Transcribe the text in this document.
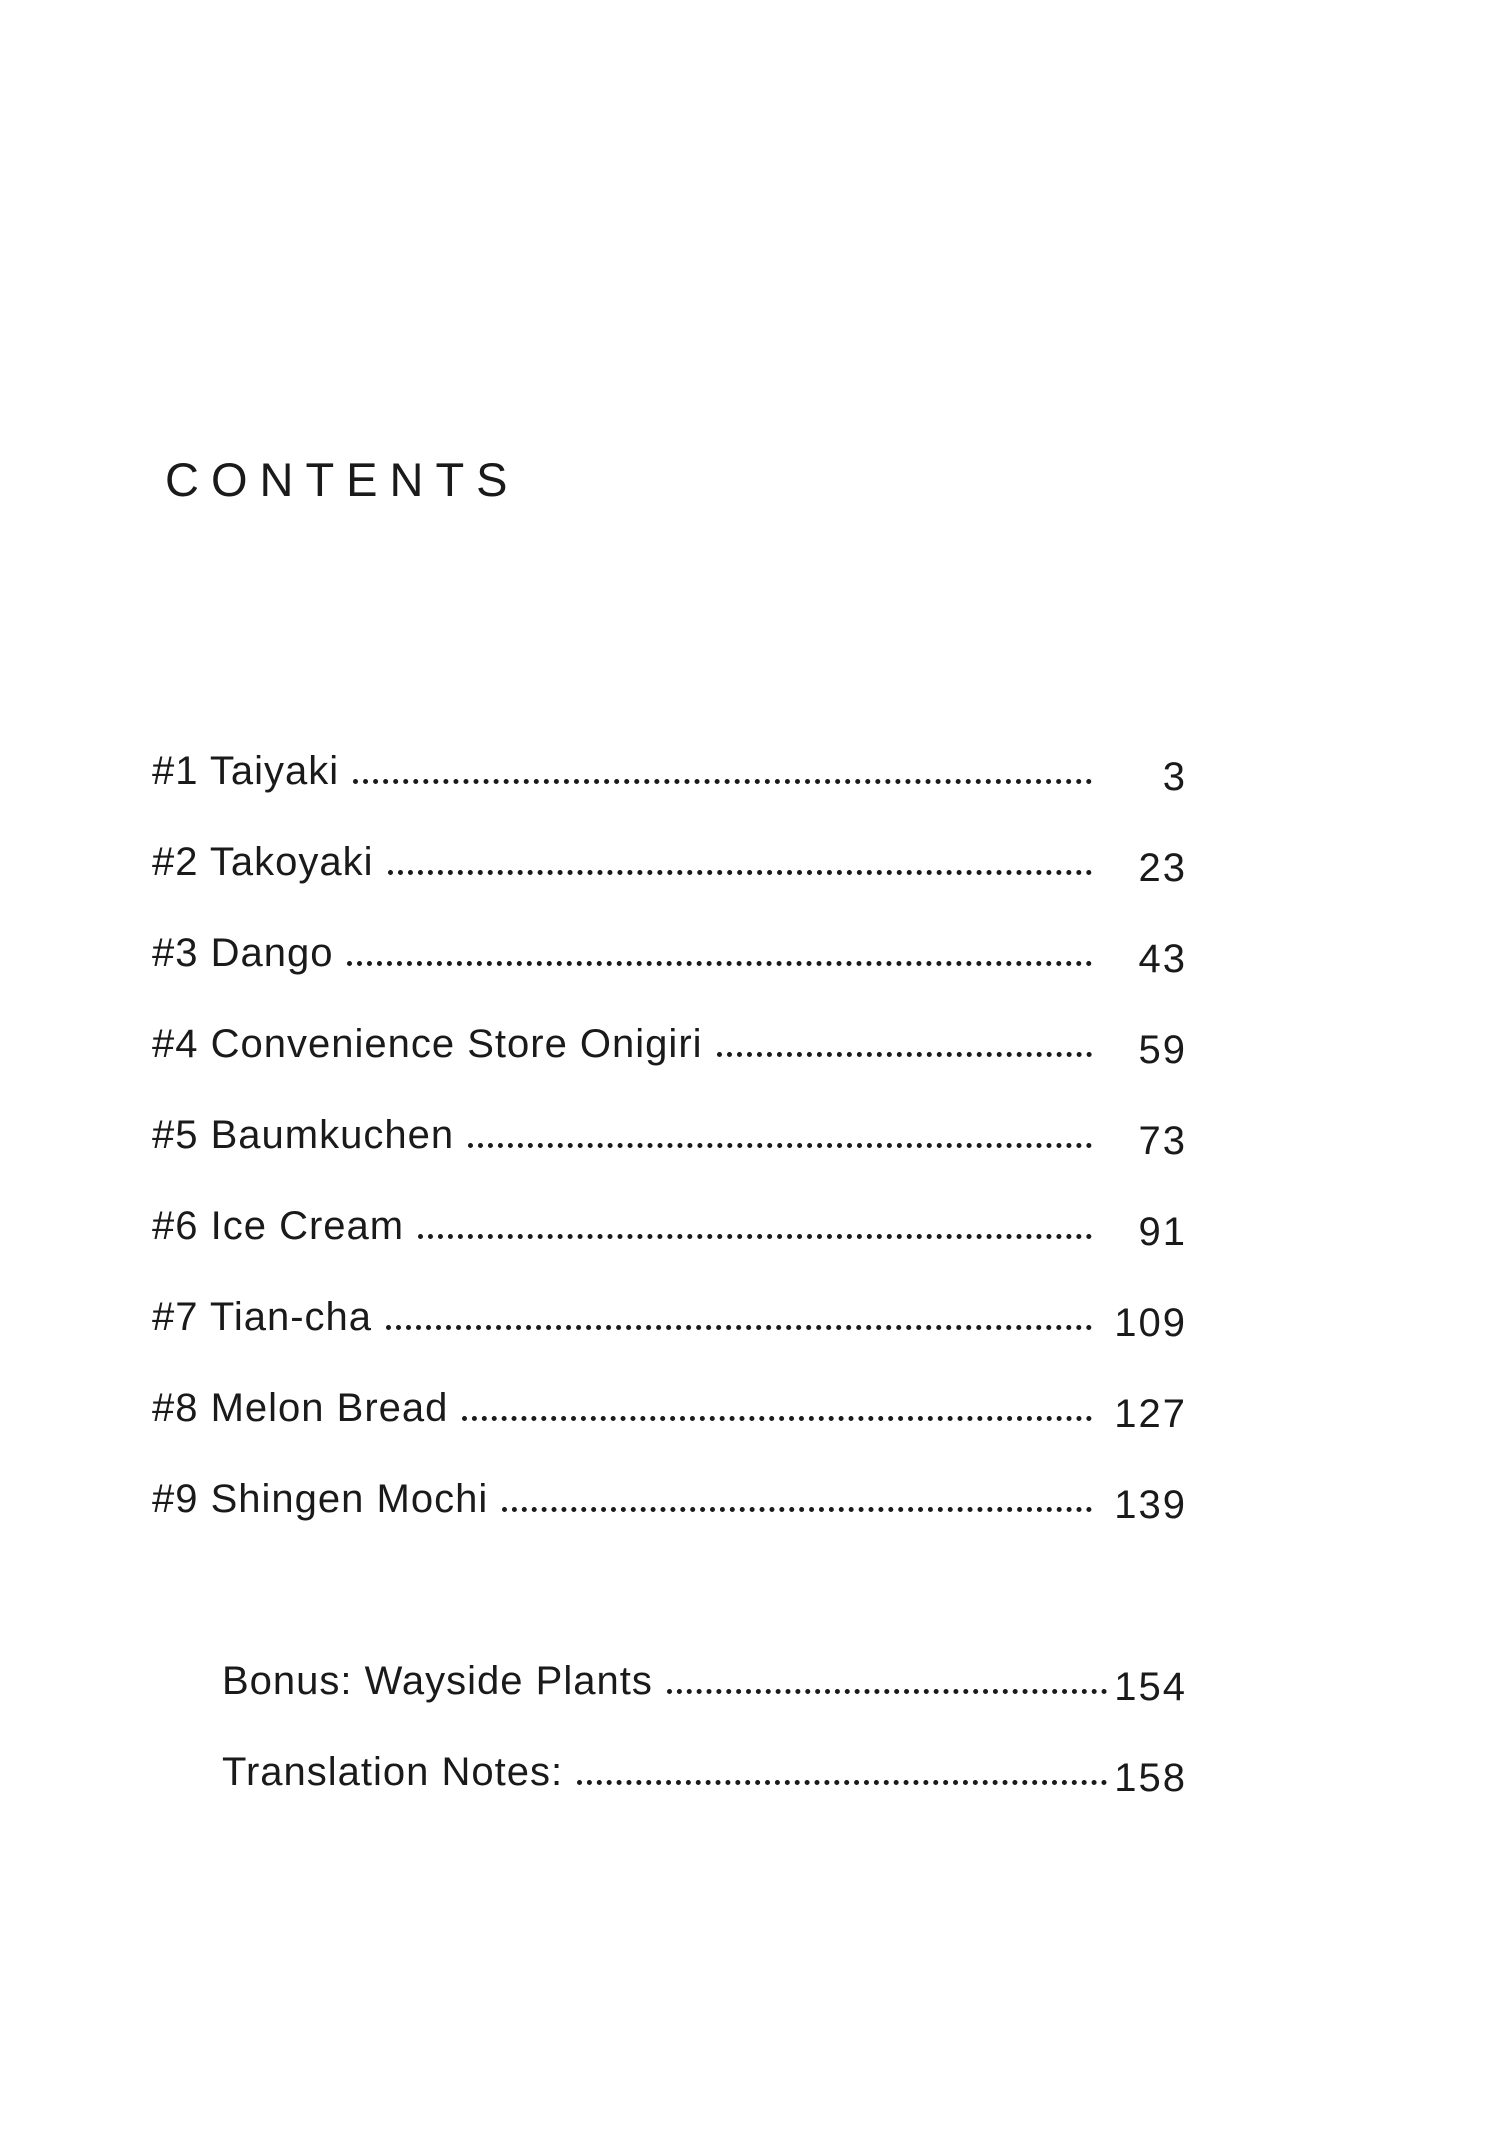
CONTENTS
#1 Taiyaki	3
#2 Takoyaki	23
#3 Dango	43
#4 Convenience Store Onigiri	59
#5 Baumkuchen	73
#6 Ice Cream	91
#7 Tian-cha	109
#8 Melon Bread	127
#9 Shingen Mochi	139
Bonus: Wayside Plants	154
Translation Notes:	158
